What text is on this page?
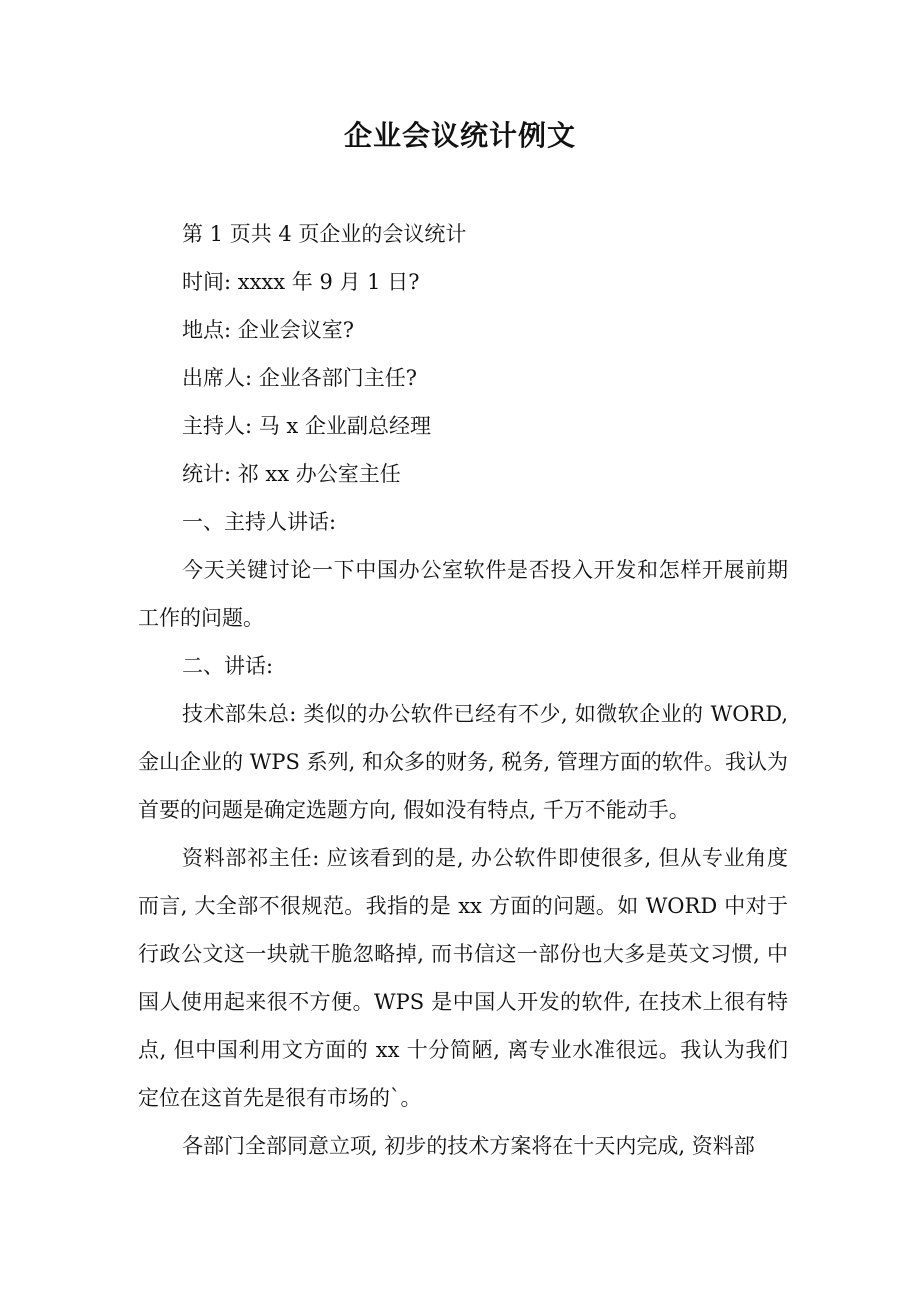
企业会议统计例文
第 1 页共 4 页企业的会议统计
时间: xxxx 年 9 月 1 日?
地点: 企业会议室?
出席人: 企业各部门主任?
主持人: 马 x 企业副总经理
统计: 祁 xx 办公室主任
一、主持人讲话:
今天关键讨论一下中国办公室软件是否投入开发和怎样开展前期工作的问题。
二、讲话:
技术部朱总: 类似的办公软件已经有不少, 如微软企业的 WORD, 金山企业的 WPS 系列, 和众多的财务, 税务, 管理方面的软件。我认为首要的问题是确定选题方向, 假如没有特点, 千万不能动手。
资料部祁主任: 应该看到的是, 办公软件即使很多, 但从专业角度而言, 大全部不很规范。我指的是 xx 方面的问题。如 WORD 中对于行政公文这一块就干脆忽略掉, 而书信这一部份也大多是英文习惯, 中国人使用起来很不方便。WPS 是中国人开发的软件, 在技术上很有特点, 但中国利用文方面的 xx 十分简陋, 离专业水准很远。我认为我们定位在这首先是很有市场的`。
各部门全部同意立项, 初步的技术方案将在十天内完成, 资料部
